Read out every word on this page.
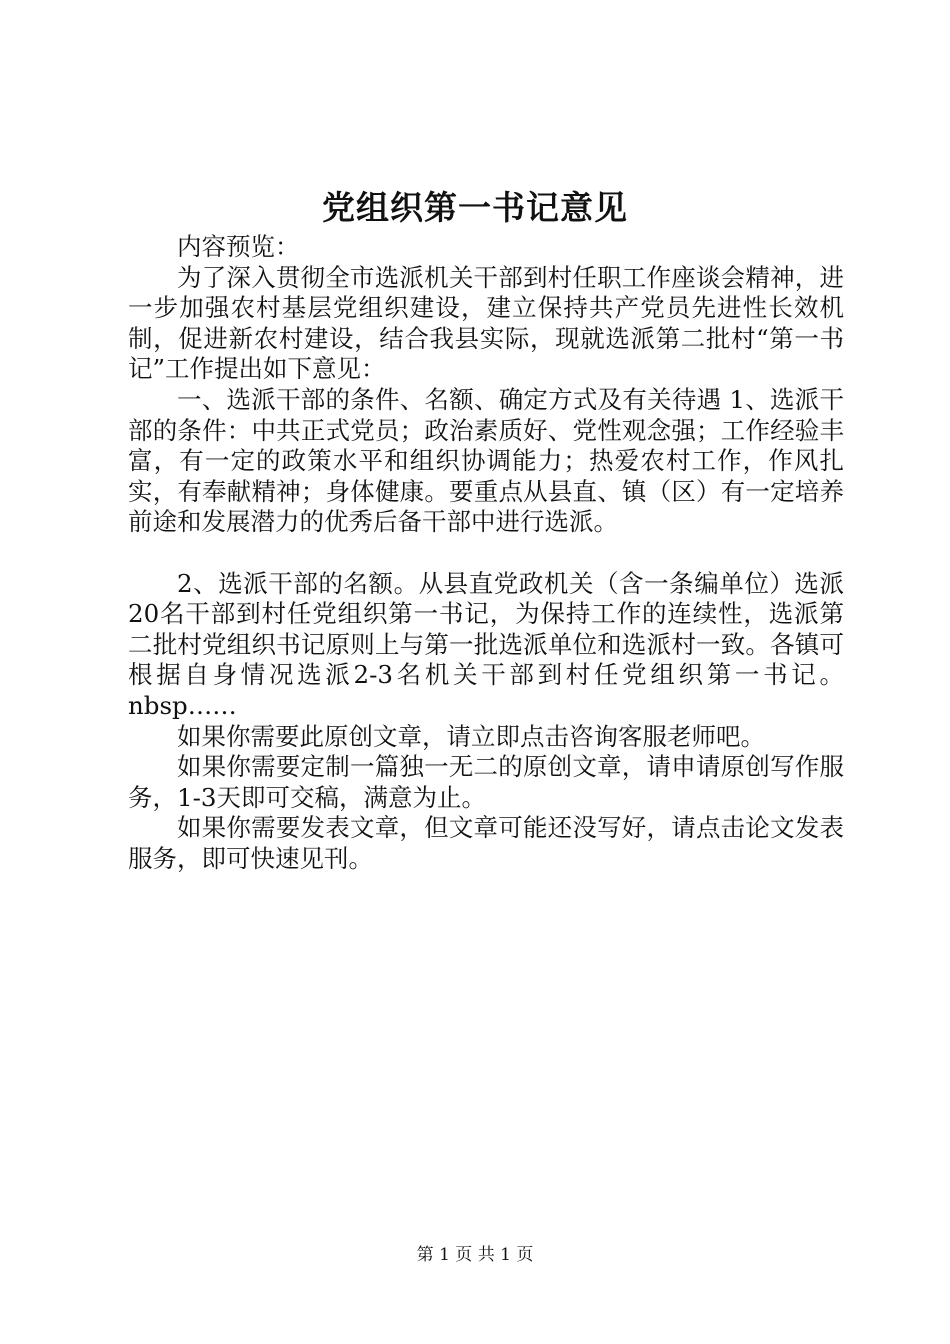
党组织第一书记意见

内容预览：

为了深入贯彻全市选派机关干部到村任职工作座谈会精神，进一步加强农村基层党组织建设，建立保持共产党员先进性长效机制，促进新农村建设，结合我县实际，现就选派第二批村“第一书记”工作提出如下意见：

一、选派干部的条件、名额、确定方式及有关待遇 1、选派干部的条件：中共正式党员；政治素质好、党性观念强；工作经验丰富，有一定的政策水平和组织协调能力；热爱农村工作，作风扎实，有奉献精神；身体健康。要重点从县直、镇（区）有一定培养前途和发展潜力的优秀后备干部中进行选派。

2、选派干部的名额。从县直党政机关（含一条编单位）选派20名干部到村任党组织第一书记，为保持工作的连续性，选派第二批村党组织书记原则上与第一批选派单位和选派村一致。各镇可根据自身情况选派2-3名机关干部到村任党组织第一书记。nbsp……

如果你需要此原创文章，请立即点击咨询客服老师吧。

如果你需要定制一篇独一无二的原创文章，请申请原创写作服务，1-3天即可交稿，满意为止。

如果你需要发表文章，但文章可能还没写好，请点击论文发表服务，即可快速见刊。

第 1 页 共 1 页
